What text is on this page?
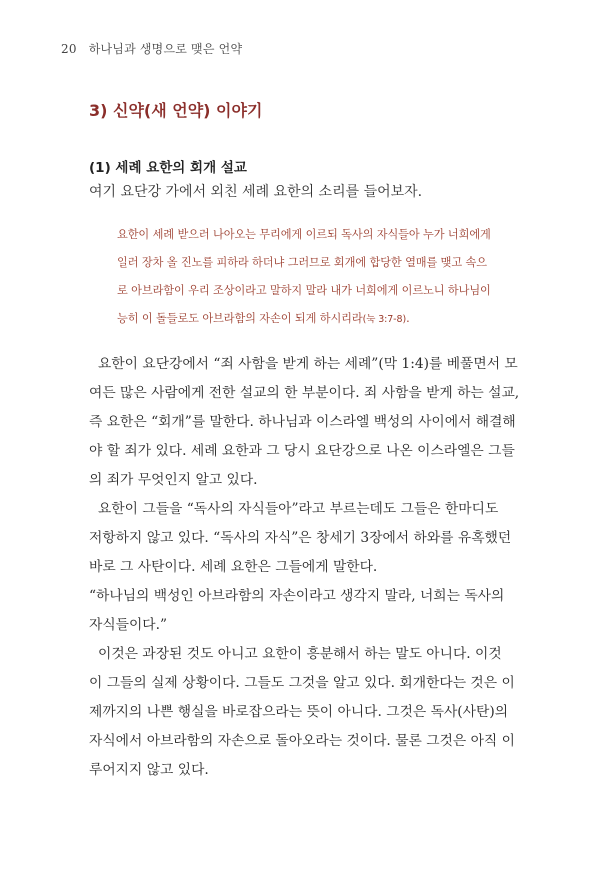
20 하나님과 생명으로 맺은 언약
3) 신약(새 언약) 이야기
(1) 세례 요한의 회개 설교
여기 요단강 가에서 외친 세례 요한의 소리를 들어보자.
요한이 세례 받으러 나아오는 무리에게 이르되 독사의 자식들아 누가 너희에게
일러 장차 올 진노를 피하라 하더냐 그러므로 회개에 합당한 열매를 맺고 속으
로 아브라함이 우리 조상이라고 말하지 말라 내가 너희에게 이르노니 하나님이
능히 이 돌들로도 아브라함의 자손이 되게 하시리라(눅 3:7-8).
요한이 요단강에서 “죄 사함을 받게 하는 세례”(막 1:4)를 베풀면서 모
여든 많은 사람에게 전한 설교의 한 부분이다. 죄 사함을 받게 하는 설교,
즉 요한은 “회개”를 말한다. 하나님과 이스라엘 백성의 사이에서 해결해
야 할 죄가 있다. 세례 요한과 그 당시 요단강으로 나온 이스라엘은 그들
의 죄가 무엇인지 알고 있다.
요한이 그들을 “독사의 자식들아”라고 부르는데도 그들은 한마디도
저항하지 않고 있다. “독사의 자식”은 창세기 3장에서 하와를 유혹했던
바로 그 사탄이다. 세례 요한은 그들에게 말한다.
“하나님의 백성인 아브라함의 자손이라고 생각지 말라, 너희는 독사의
자식들이다.”
이것은 과장된 것도 아니고 요한이 흥분해서 하는 말도 아니다. 이것
이 그들의 실제 상황이다. 그들도 그것을 알고 있다. 회개한다는 것은 이
제까지의 나쁜 행실을 바로잡으라는 뜻이 아니다. 그것은 독사(사탄)의
자식에서 아브라함의 자손으로 돌아오라는 것이다. 물론 그것은 아직 이
루어지지 않고 있다.
